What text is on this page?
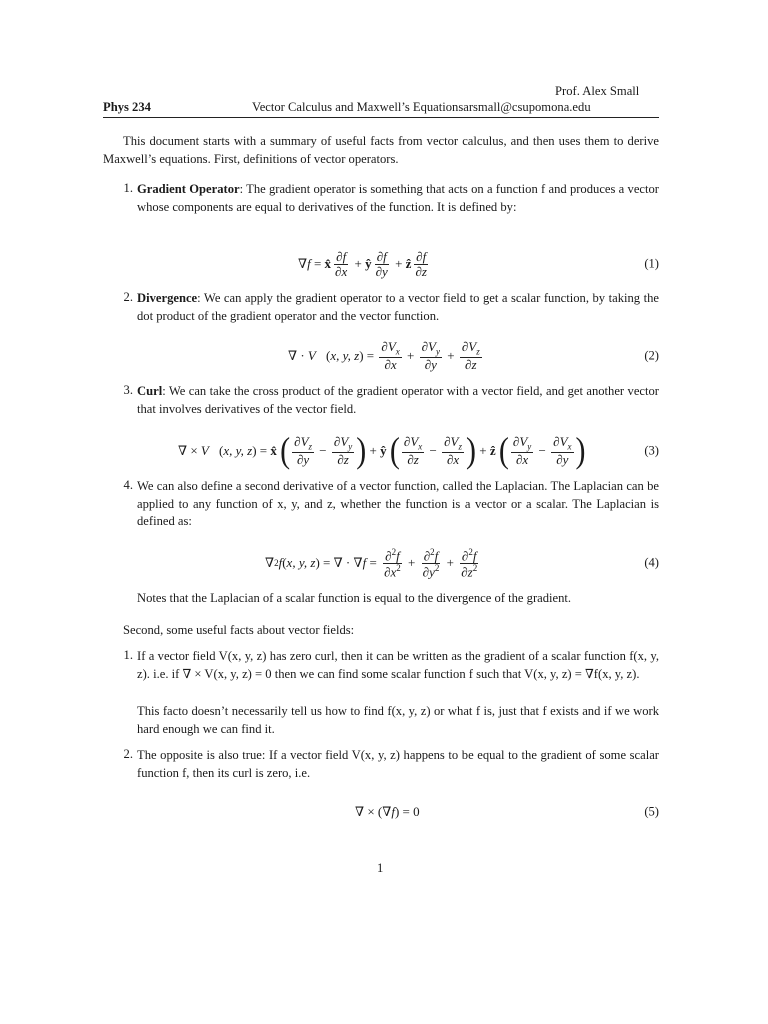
Prof. Alex Small
Phys 234	Vector Calculus and Maxwell’s Equationsarsmall@csupomona.edu
This document starts with a summary of useful facts from vector calculus, and then uses them to derive Maxwell’s equations. First, definitions of vector operators.
1. Gradient Operator: The gradient operator is something that acts on a function f and produces a vector whose components are equal to derivatives of the function. It is defined by:
∇ f = x̂ $\frac{\partial f}{\partial x}$ + ŷ $\frac{\partial f}{\partial y}$ + ẑ $\frac{\partial f}{\partial z}$	(1)
2. Divergence: We can apply the gradient operator to a vector field to get a scalar function, by taking the dot product of the gradient operator and the vector function.
∇ · V⃗ ( x, y, z ) = $\frac{\partial V_x}{\partial x} + \frac{\partial V_y}{\partial y} + \frac{\partial V_z}{\partial z}$	(2)
3. Curl: We can take the cross product of the gradient operator with a vector field, and get another vector that involves derivatives of the vector field.
∇ × V⃗ ( x, y, z ) = x̂
( $\frac{\partial V_z}{\partial y} - \frac{\partial V_y}{\partial z}$ ) + ŷ
( $\frac{\partial V_x}{\partial z} - \frac{\partial V_z}{\partial x}$ ) + ẑ
( $\frac{\partial V_y}{\partial x} - \frac{\partial V_x}{\partial y}$ )	(3)
4. We can also define a second derivative of a vector function, called the Laplacian. The Laplacian can be applied to any function of x, y, and z, whether the function is a vector or a scalar. The Laplacian is defined as:
∇ 2 f ( x, y, z ) = ∇ · ∇ $f = \frac{\partial^2f}{\partial x^2} + \frac{\partial^2f}{\partial y^2} + \frac{\partial^2f}{\partial z^2}$	(4)
Notes that the Laplacian of a scalar function is equal to the divergence of the gradient.
Second, some useful facts about vector fields:
1. If a vector field V(x, y, z) has zero curl, then it can be written as the gradient of a scalar function f(x, y, z). i.e. if ∇ × V(x, y, z) = 0 then we can find some scalar function f such that V(x, y, z) = ∇f(x, y, z).
This facto doesn’t necessarily tell us how to find f(x, y, z) or what f is, just that f exists and if we work hard enough we can find it.
2. The opposite is also true: If a vector field V(x, y, z) happens to be equal to the gradient of some scalar function f, then its curl is zero, i.e.
∇ × (∇ f ) = 0	(5)
1
